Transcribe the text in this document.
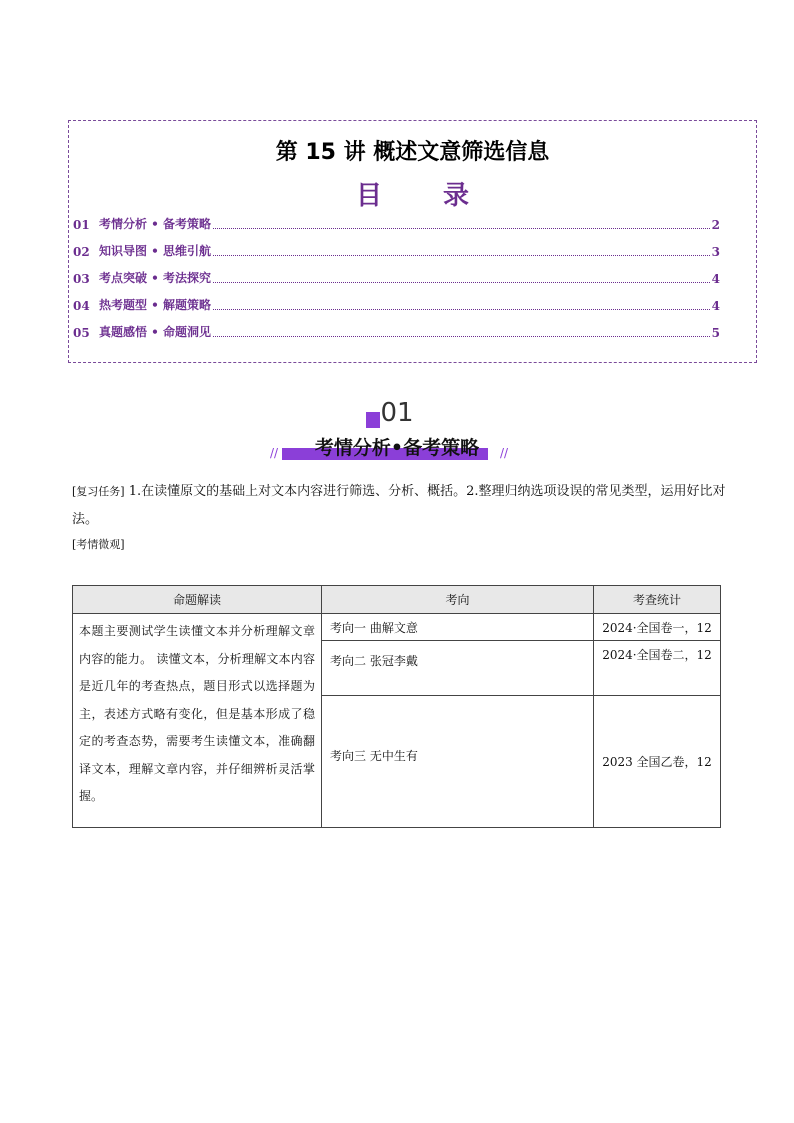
第 15 讲 概述文意筛选信息
目 录
01 考情分析 • 备考策略	2
02 知识导图 • 思维引航	3
03 考点突破 • 考法探究	4
04 热考题型 • 解题策略	4
05 真题感悟 • 命题洞见	5
01
//	考情分析•备考策略	//
[复习任务] 1.在读懂原文的基础上对文本内容进行筛选、分析、概括。2.整理归纳选项设误的常见类型，运用好比对法。
[考情微观]
命题解读	考向	考查统计
本题主要测试学生读懂文本并分析理解文章内容的能力。 读懂文本，分析理解文本内容是近几年的考查热点，题目形式以选择题为主，表述方式略有变化，但是基本形成了稳定的考查态势，需要考生读懂文本，准确翻译文本，理解文章内容，并仔细辨析灵活掌握。	考向一 曲解文意	2024·全国卷一，12
	考向二 张冠李戴	2024·全国卷二，12
	考向三 无中生有	2023 全国乙卷，12
